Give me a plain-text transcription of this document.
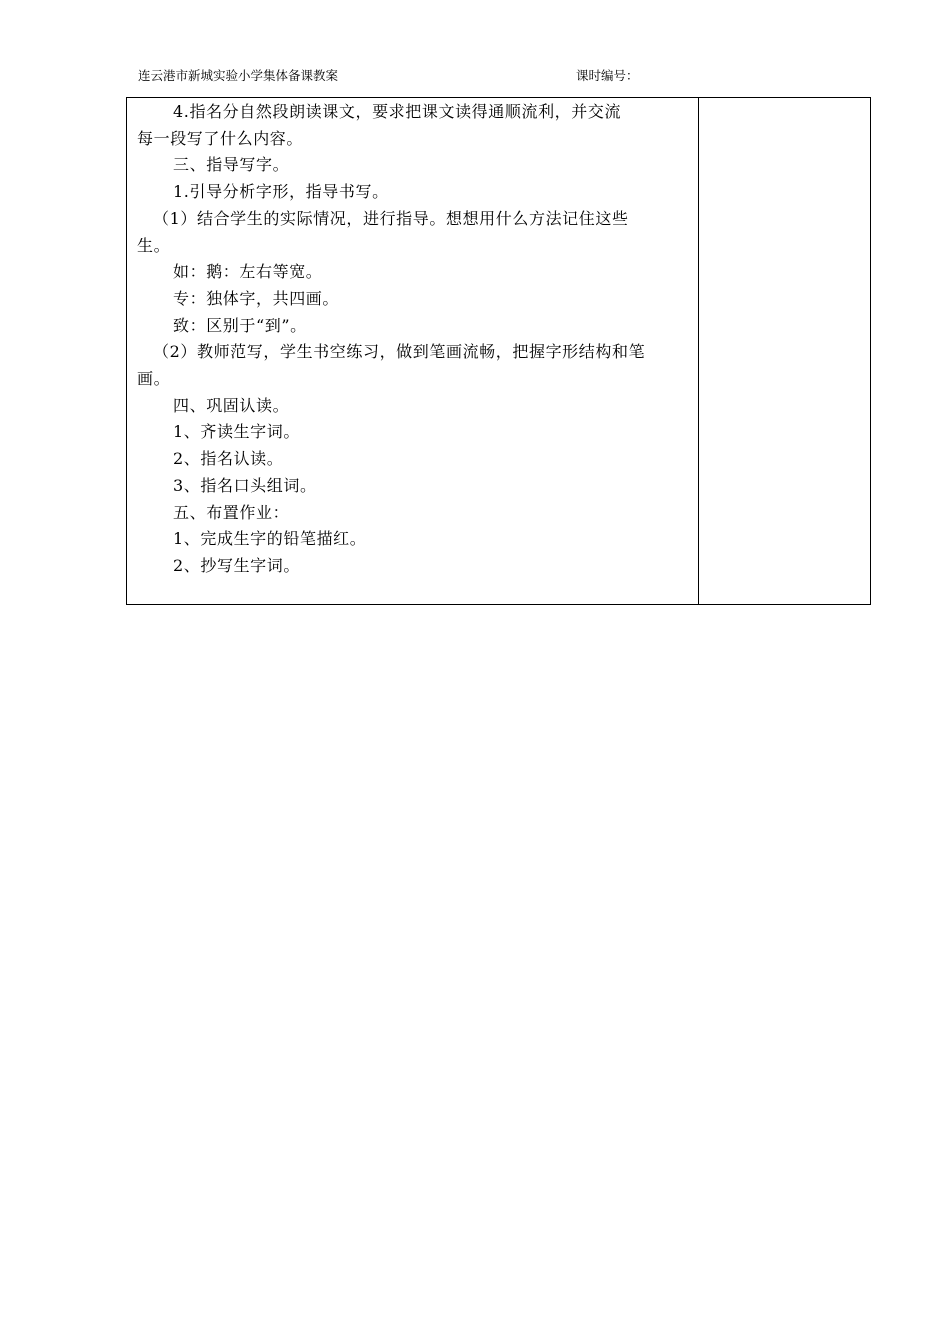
连云港市新城实验小学集体备课教案	课时编号：
4.指名分自然段朗读课文，要求把课文读得通顺流利，并交流
每一段写了什么内容。
三、指导写字。
1.引导分析字形，指导书写。
（1）结合学生的实际情况，进行指导。想想用什么方法记住这些
生。
如：鹅：左右等宽。
专：独体字，共四画。
致：区别于“到”。
（2）教师范写，学生书空练习，做到笔画流畅，把握字形结构和笔
画。
四、巩固认读。
1、齐读生字词。
2、指名认读。
3、指名口头组词。
五、布置作业：
1、完成生字的铅笔描红。
2、抄写生字词。
